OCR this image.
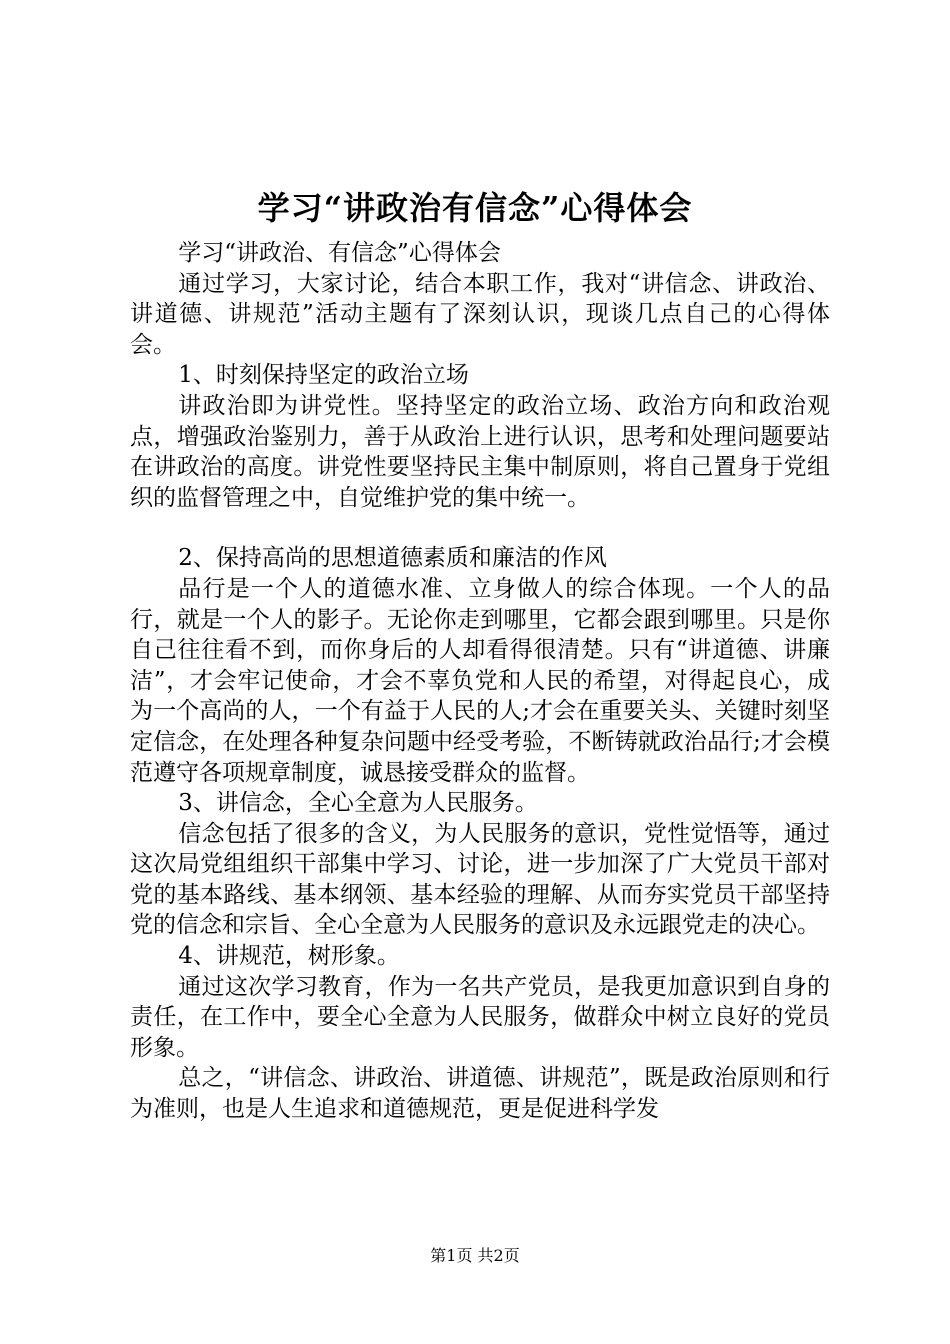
学习“讲政治有信念”心得体会

学习“讲政治、有信念”心得体会

通过学习，大家讨论，结合本职工作，我对“讲信念、讲政治、讲道德、讲规范”活动主题有了深刻认识，现谈几点自己的心得体会。

1、时刻保持坚定的政治立场

讲政治即为讲党性。坚持坚定的政治立场、政治方向和政治观点，增强政治鉴别力，善于从政治上进行认识，思考和处理问题要站在讲政治的高度。讲党性要坚持民主集中制原则，将自己置身于党组织的监督管理之中，自觉维护党的集中统一。

2、保持高尚的思想道德素质和廉洁的作风

品行是一个人的道德水准、立身做人的综合体现。一个人的品行，就是一个人的影子。无论你走到哪里，它都会跟到哪里。只是你自己往往看不到，而你身后的人却看得很清楚。只有“讲道德、讲廉洁”，才会牢记使命，才会不辜负党和人民的希望，对得起良心，成为一个高尚的人，一个有益于人民的人;才会在重要关头、关键时刻坚定信念，在处理各种复杂问题中经受考验，不断铸就政治品行;才会模范遵守各项规章制度，诚恳接受群众的监督。

3、讲信念，全心全意为人民服务。

信念包括了很多的含义，为人民服务的意识，党性觉悟等，通过这次局党组组织干部集中学习、讨论，进一步加深了广大党员干部对党的基本路线、基本纲领、基本经验的理解、从而夯实党员干部坚持党的信念和宗旨、全心全意为人民服务的意识及永远跟党走的决心。

4、讲规范，树形象。

通过这次学习教育，作为一名共产党员，是我更加意识到自身的责任，在工作中，要全心全意为人民服务，做群众中树立良好的党员形象。

总之，“讲信念、讲政治、讲道德、讲规范”，既是政治原则和行为准则，也是人生追求和道德规范，更是促进科学发

第1页 共2页
